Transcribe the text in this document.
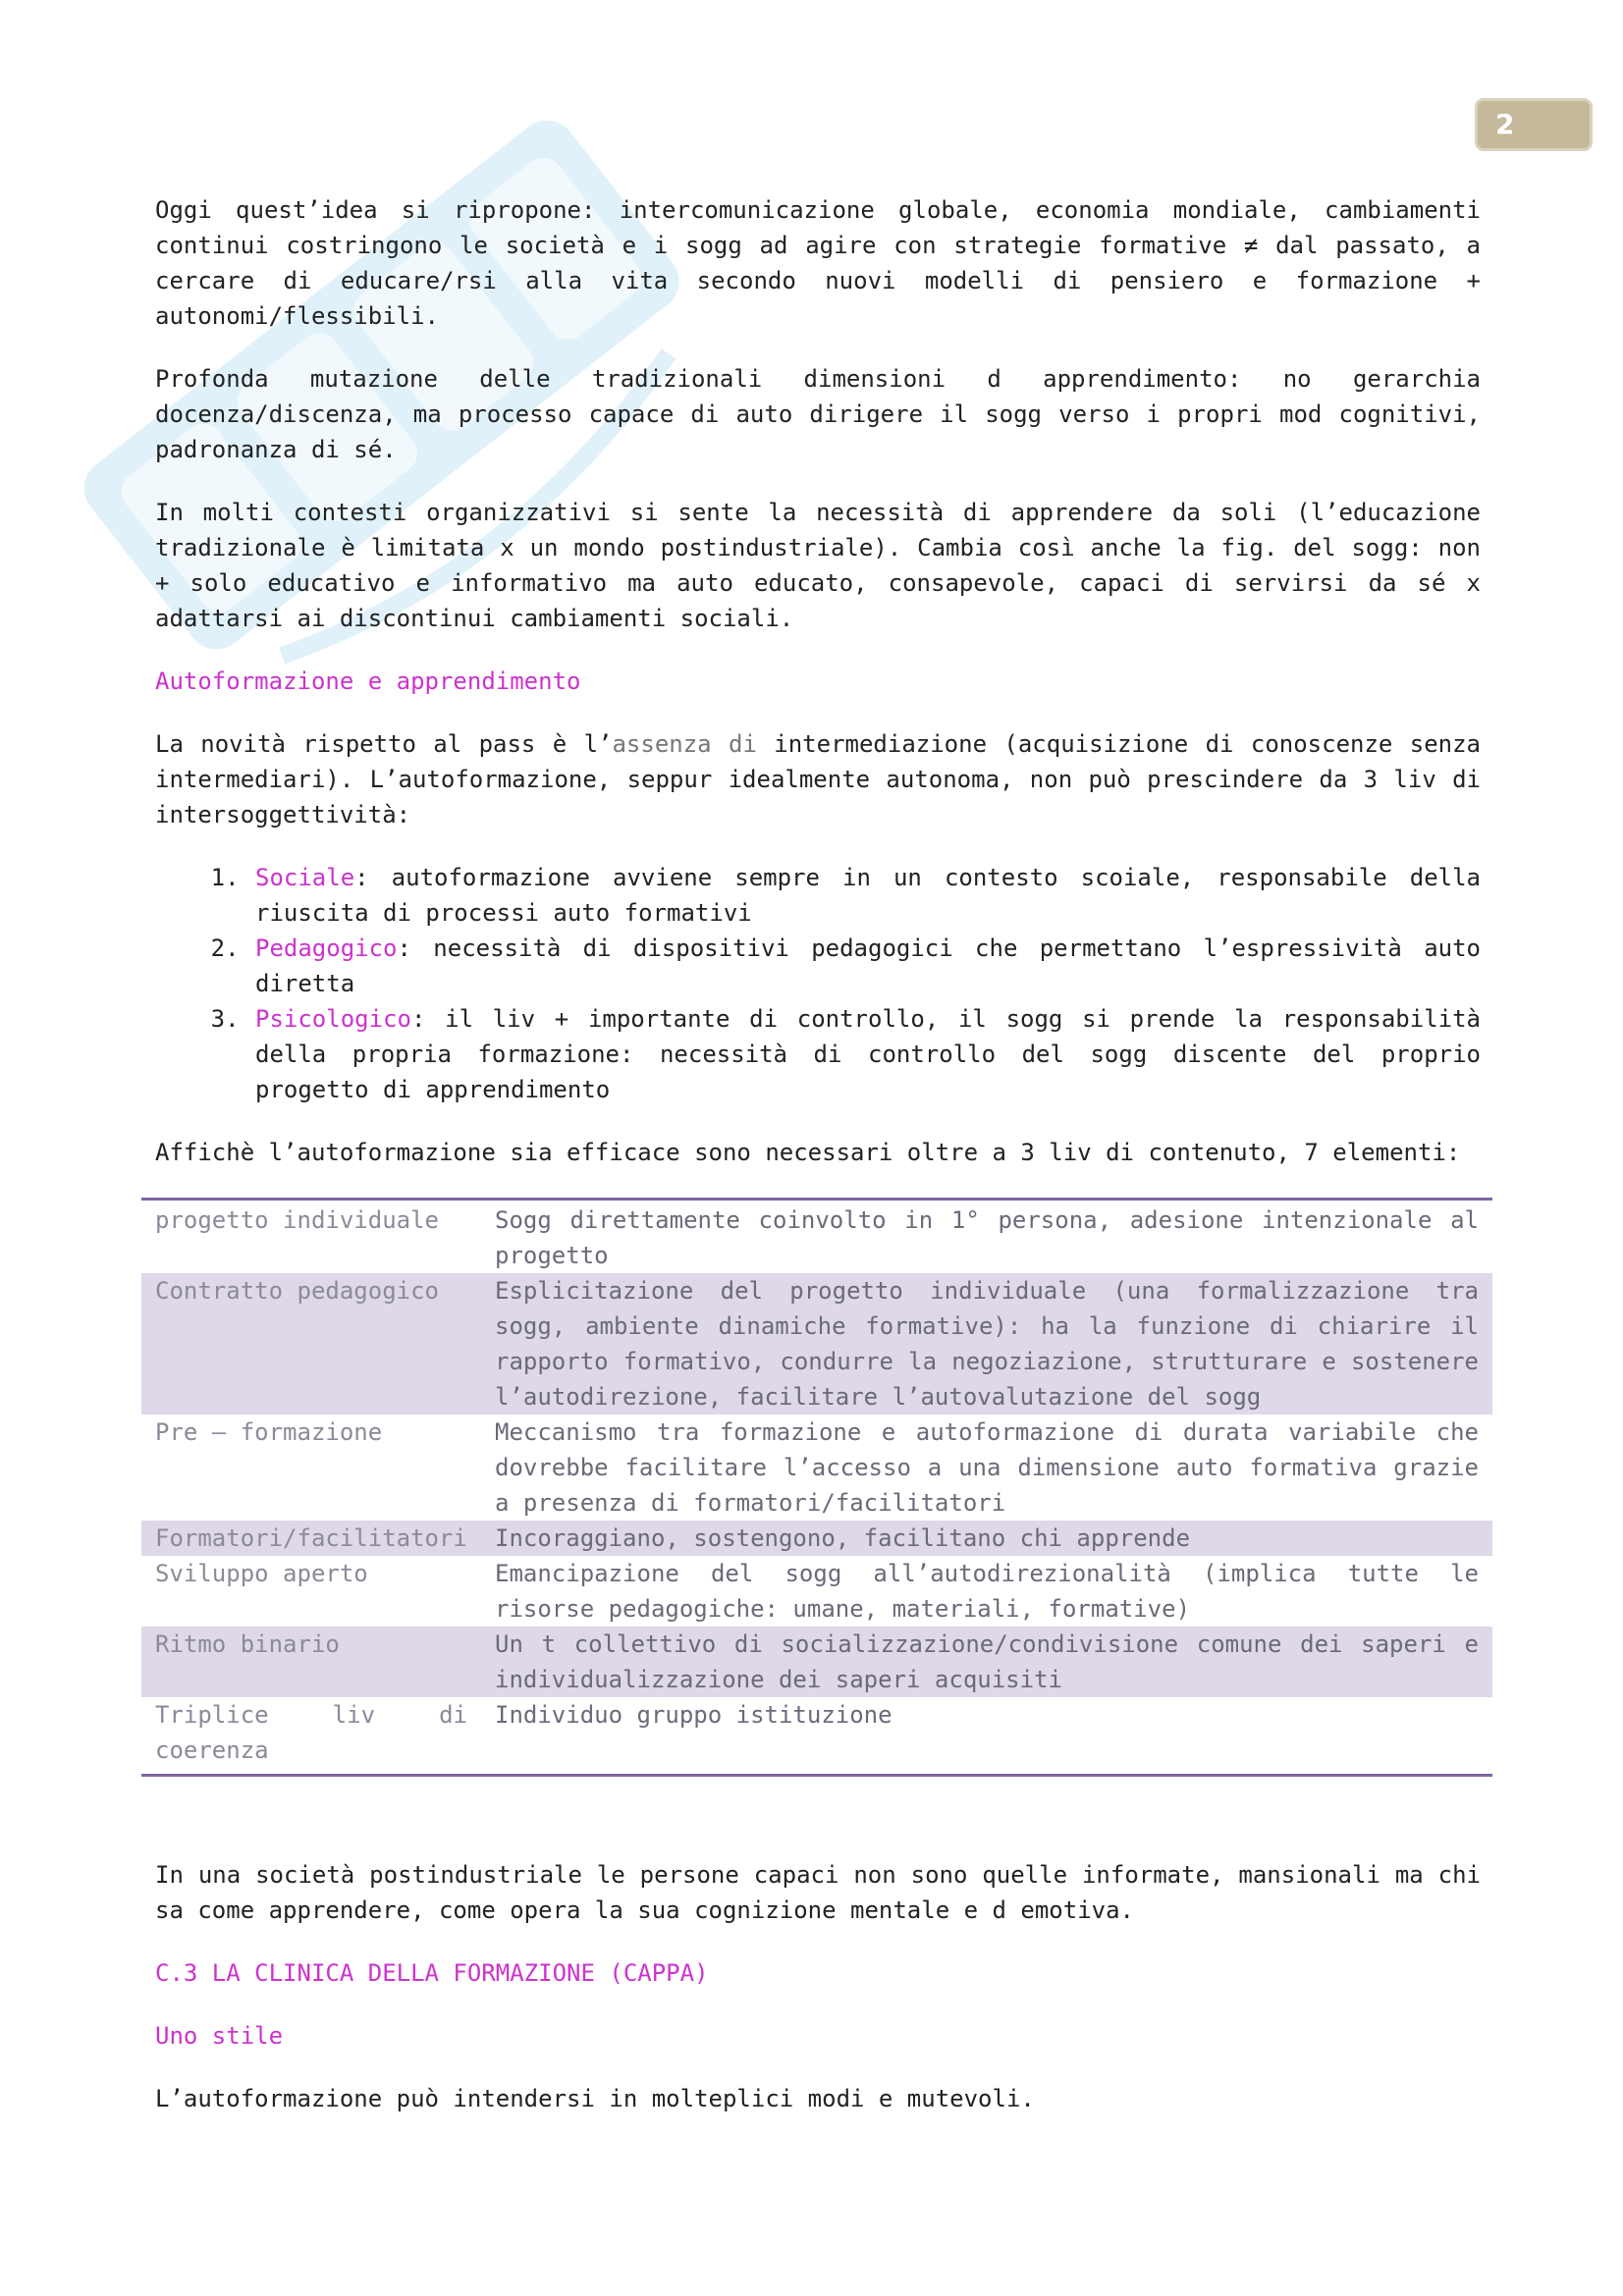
2

Oggi quest’idea si ripropone: intercomunicazione globale, economia mondiale, cambiamenti continui costringono le società e i sogg ad agire con strategie formative ≠ dal passato, a cercare di educare/rsi alla vita secondo nuovi modelli di pensiero e formazione + autonomi/flessibili.

Profonda mutazione delle tradizionali dimensioni d apprendimento: no gerarchia docenza/discenza, ma processo capace di auto dirigere il sogg verso i propri mod cognitivi, padronanza di sé.

In molti contesti organizzativi si sente la necessità di apprendere da soli (l’educazione tradizionale è limitata x un mondo postindustriale). Cambia così anche la fig. del sogg: non + solo educativo e informativo ma auto educato, consapevole, capaci di servirsi da sé x adattarsi ai discontinui cambiamenti sociali.

Autoformazione e apprendimento

La novità rispetto al pass è l’assenza di intermediazione (acquisizione di conoscenze senza intermediari). L’autoformazione, seppur idealmente autonoma, non può prescindere da 3 liv di intersoggettività:

1. Sociale: autoformazione avviene sempre in un contesto scoiale, responsabile della riuscita di processi auto formativi
2. Pedagogico: necessità di dispositivi pedagogici che permettano l’espressività auto diretta
3. Psicologico: il liv + importante di controllo, il sogg si prende la responsabilità della propria formazione: necessità di controllo del sogg discente del proprio progetto di apprendimento

Affichè l’autoformazione sia efficace sono necessari oltre a 3 liv di contenuto, 7 elementi:

progetto individuale	Sogg direttamente coinvolto in 1° persona, adesione intenzionale al progetto
Contratto pedagogico	Esplicitazione del progetto individuale (una formalizzazione tra sogg, ambiente dinamiche formative): ha la funzione di chiarire il rapporto formativo, condurre la negoziazione, strutturare e sostenere l’autodirezione, facilitare l’autovalutazione del sogg
Pre – formazione	Meccanismo tra formazione e autoformazione di durata variabile che dovrebbe facilitare l’accesso a una dimensione auto formativa grazie a presenza di formatori/facilitatori
Formatori/facilitatori	Incoraggiano, sostengono, facilitano chi apprende
Sviluppo aperto	Emancipazione del sogg all’autodirezionalità (implica tutte le risorse pedagogiche: umane, materiali, formative)
Ritmo binario	Un t collettivo di socializzazione/condivisione comune dei saperi e individualizzazione dei saperi acquisiti
Triplice liv di coerenza	Individuo gruppo istituzione

In una società postindustriale le persone capaci non sono quelle informate, mansionali ma chi sa come apprendere, come opera la sua cognizione mentale e d emotiva.

C.3 LA CLINICA DELLA FORMAZIONE (CAPPA)
Uno stile

L’autoformazione può intendersi in molteplici modi e mutevoli.
